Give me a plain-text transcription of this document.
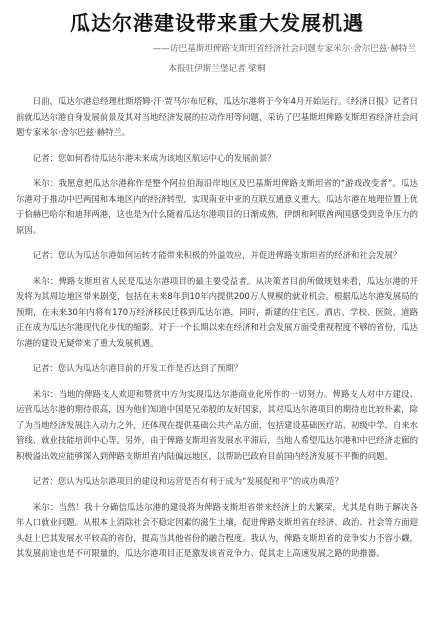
瓜达尔港建设带来重大发展机遇
——访巴基斯坦俾路支斯坦省经济社会问题专家米尔·舍尔巴兹·赫特兰
本报驻伊斯兰堡记者 梁桐

日前，瓜达尔港总经理杜斯塔姆·汗·贾马尔布尼称，瓜达尔港将于今年4月开始运行。《经济日报》记者日前就瓜达尔港自身发展前景及其对当地经济发展的拉动作用等问题，采访了巴基斯坦俾路支斯坦省经济社会问题专家米尔·舍尔巴兹·赫特兰。

记者：您如何看待瓜达尔港未来成为该地区航运中心的发展前景？

米尔：我愿意把瓜达尔港称作是整个阿拉伯海沿岸地区及巴基斯坦俾路支斯坦省的“游戏改变者”。瓜达尔港对于推动中巴两国和本地区内的经济转型，实现南亚中亚的互联互通意义重大。瓜达尔港在地理位置上优于恰赫巴哈尔和迪拜两港，这也是为什么随着瓜达尔港项目的日渐成熟，伊朗和阿联酋两国感受到竞争压力的原因。

记者：您认为瓜达尔港如何运转才能带来积极的外溢效应，并促进俾路支斯坦省的经济和社会发展？

米尔：俾路支斯坦省人民是瓜达尔港项目的最主要受益者。从决策者目前所做规划来看，瓜达尔港的开发将为其周边地区带来剧变，包括在未来8年到10年内提供200万人规模的就业机会。根据瓜达尔港发展局的预期，在未来30年内将有170万经济移民迁移到瓜达尔港，同时，新建的住宅区、酒店、学校、医院、道路正在成为瓜达尔港现代化步伐的缩影。对于一个长期以来在经济和社会发展方面受重视程度不够的省份，瓜达尔港的建设无疑带来了重大发展机遇。

记者：您认为瓜达尔港目前的开发工作是否达到了预期？

米尔：当地的俾路支人欢迎和赞赏中方为实现瓜达尔港商业化所作的一切努力。俾路支人对中方建设、运营瓜达尔港的期待很高，因为他们知道中国是兄弟般的友好国家，其对瓜达尔港项目的期待也比较朴素，除了为当地经济发展注入动力之外，还体现在提供基础公共产品方面，包括建设基础医疗站、初级中学、自来水管线、就业技能培训中心等。另外，由于俾路支斯坦省发展水平滞后，当地人希望瓜达尔港和中巴经济走廊的积极溢出效应能够深入到俾路支斯坦省内陆偏远地区，以帮助巴政府目前国内经济发展不平衡的问题。

记者：您认为瓜达尔港项目的建设和运营是否有利于成为“发展促和平”的成功典范？

米尔：当然！我十分确信瓜达尔港的建设将为俾路支斯坦省带来经济上的大繁荣，尤其是有助于解决各年人口就业问题。从根本上消除社会不稳定因素的滋生土壤，促进俾路支斯坦省在经济、政治、社会等方面迎头赶上巴其发展水平较高的省份，提高当其他省份的融合程度。我认为，俾路支斯坦省的竞争实力不容小觑，其发展前途也是不可限量的，瓜达尔港项目正是激发该省竞争力、促其走上高速发展之路的助推器。
